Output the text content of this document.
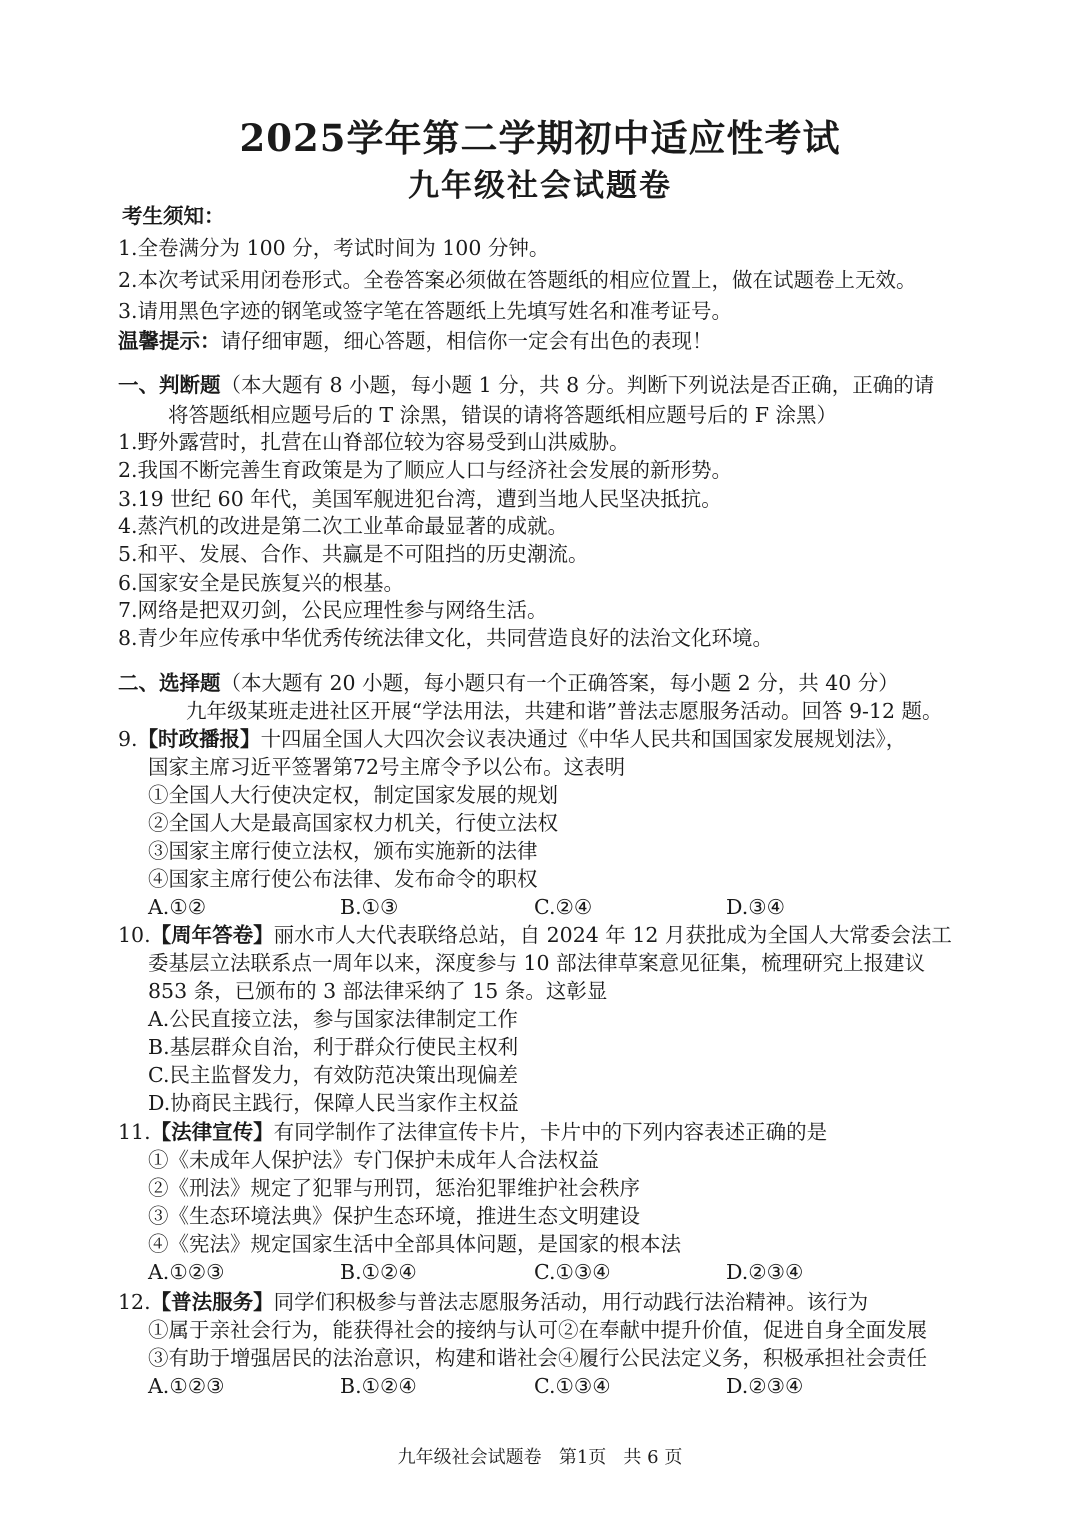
2025学年第二学期初中适应性考试
九年级社会试题卷
考生须知：
1.全卷满分为 100 分，考试时间为 100 分钟。
2.本次考试采用闭卷形式。全卷答案必须做在答题纸的相应位置上，做在试题卷上无效。
3.请用黑色字迹的钢笔或签字笔在答题纸上先填写姓名和准考证号。
温馨提示：请仔细审题，细心答题，相信你一定会有出色的表现！
一、判断题（本大题有 8 小题，每小题 1 分，共 8 分。判断下列说法是否正确，正确的请
将答题纸相应题号后的 T 涂黑，错误的请将答题纸相应题号后的 F 涂黑）
1.野外露营时，扎营在山脊部位较为容易受到山洪威胁。
2.我国不断完善生育政策是为了顺应人口与经济社会发展的新形势。
3.19 世纪 60 年代，美国军舰进犯台湾，遭到当地人民坚决抵抗。
4.蒸汽机的改进是第二次工业革命最显著的成就。
5.和平、发展、合作、共赢是不可阻挡的历史潮流。
6.国家安全是民族复兴的根基。
7.网络是把双刃剑，公民应理性参与网络生活。
8.青少年应传承中华优秀传统法律文化，共同营造良好的法治文化环境。
二、选择题（本大题有 20 小题，每小题只有一个正确答案，每小题 2 分，共 40 分）
九年级某班走进社区开展“学法用法，共建和谐”普法志愿服务活动。回答 9-12 题。
9.【时政播报】十四届全国人大四次会议表决通过《中华人民共和国国家发展规划法》，
国家主席习近平签署第72号主席令予以公布。这表明
①全国人大行使决定权，制定国家发展的规划
②全国人大是最高国家权力机关，行使立法权
③国家主席行使立法权，颁布实施新的法律
④国家主席行使公布法律、发布命令的职权
A.①②	B.①③	C.②④	D.③④
10.【周年答卷】丽水市人大代表联络总站，自 2024 年 12 月获批成为全国人大常委会法工
委基层立法联系点一周年以来，深度参与 10 部法律草案意见征集，梳理研究上报建议
853 条，已颁布的 3 部法律采纳了 15 条。这彰显
A.公民直接立法，参与国家法律制定工作
B.基层群众自治，利于群众行使民主权利
C.民主监督发力，有效防范决策出现偏差
D.协商民主践行，保障人民当家作主权益
11.【法律宣传】有同学制作了法律宣传卡片，卡片中的下列内容表述正确的是
①《未成年人保护法》专门保护未成年人合法权益
②《刑法》规定了犯罪与刑罚，惩治犯罪维护社会秩序
③《生态环境法典》保护生态环境，推进生态文明建设
④《宪法》规定国家生活中全部具体问题，是国家的根本法
A.①②③	B.①②④	C.①③④	D.②③④
12.【普法服务】同学们积极参与普法志愿服务活动，用行动践行法治精神。该行为
①属于亲社会行为，能获得社会的接纳与认可②在奉献中提升价值，促进自身全面发展
③有助于增强居民的法治意识，构建和谐社会④履行公民法定义务，积极承担社会责任
A.①②③	B.①②④	C.①③④	D.②③④
九年级社会试题卷   第1页   共 6 页
